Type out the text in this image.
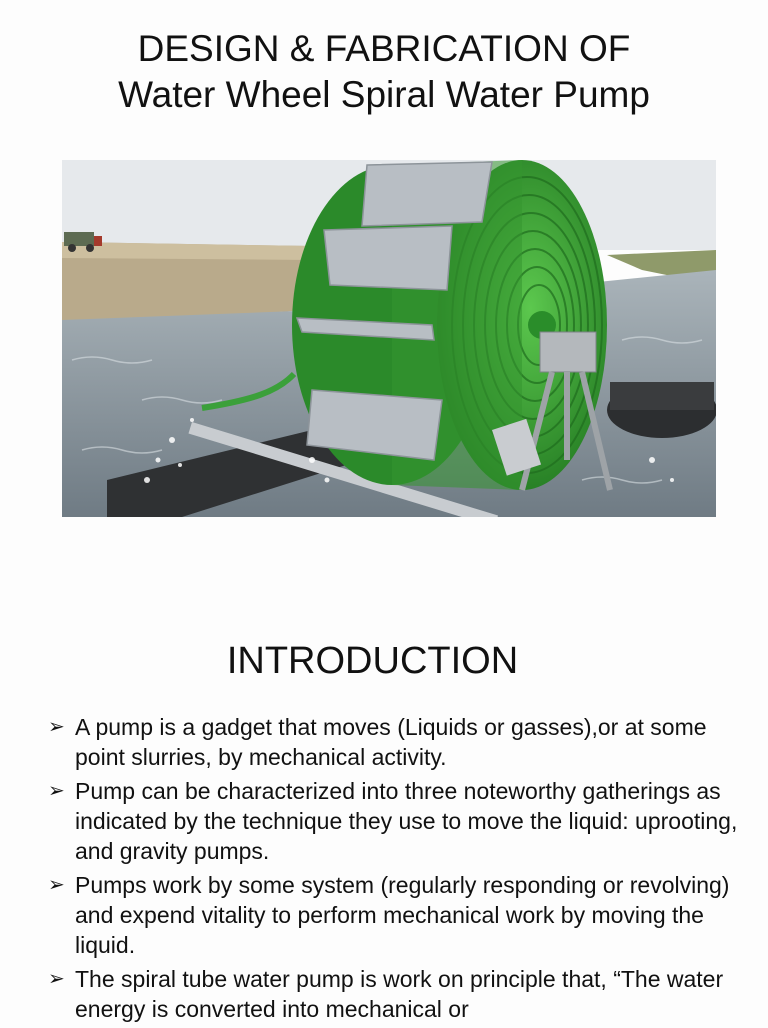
DESIGN & FABRICATION OF
Water Wheel Spiral Water Pump
INTRODUCTION
➢ A pump is a gadget that moves (Liquids or gasses),or at some point slurries, by mechanical activity.
➢ Pump can be characterized into three noteworthy gatherings as indicated by the technique they use to move the liquid: uprooting, and gravity pumps.
➢ Pumps work by some system (regularly responding or revolving) and expend vitality to perform mechanical work by moving the liquid.
➢ The spiral tube water pump is work on principle that, “The water energy is converted into mechanical or
